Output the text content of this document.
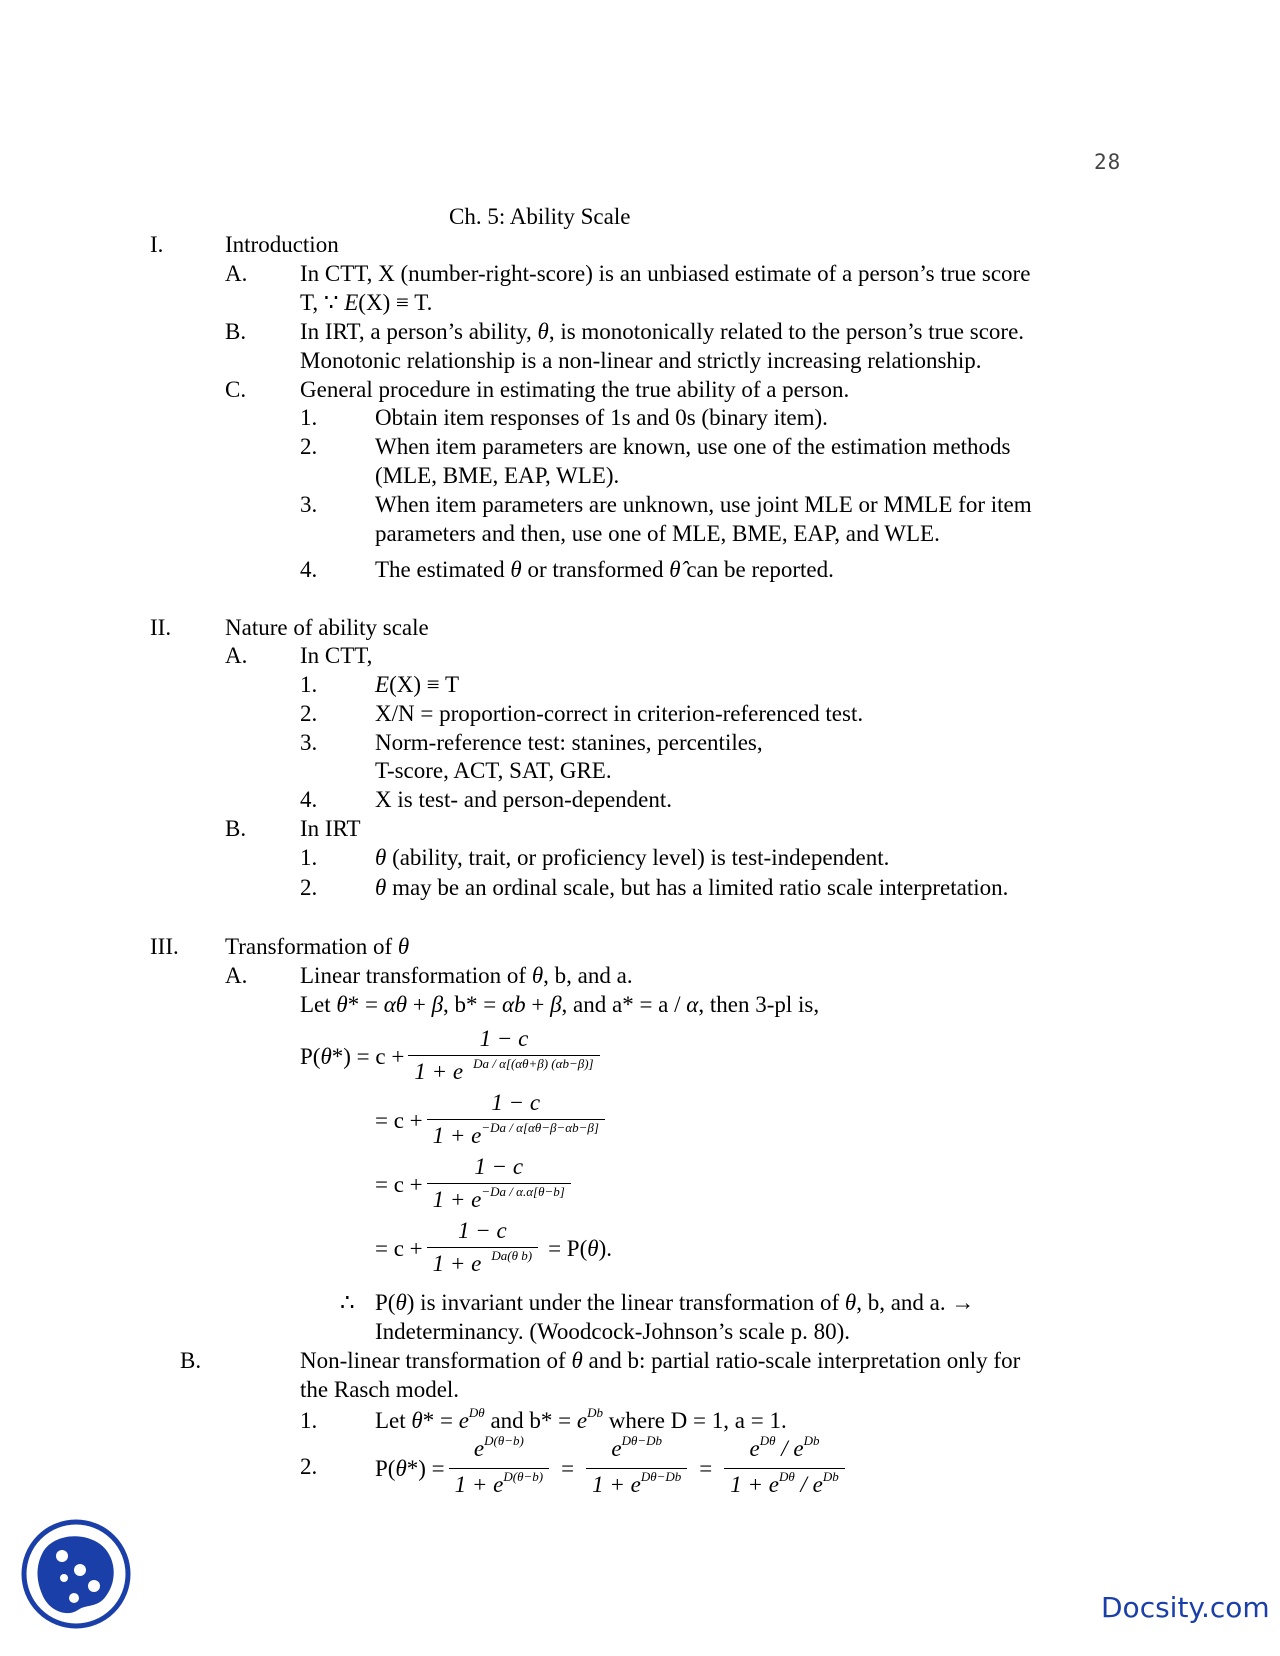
28
Ch. 5: Ability Scale
I.	Introduction
A. In CTT, X (number-right-score) is an unbiased estimate of a person’s true score
T, ∵ E(X) ≡ T.
B. In IRT, a person’s ability, θ, is monotonically related to the person’s true score.
Monotonic relationship is a non-linear and strictly increasing relationship.
C. General procedure in estimating the true ability of a person.
1.	Obtain item responses of 1s and 0s (binary item).
2.	When item parameters are known, use one of the estimation methods
(MLE, BME, EAP, WLE).
3.	When item parameters are unknown, use joint MLE or MMLE for item
parameters and then, use one of MLE, BME, EAP, and WLE.
4.	The estimated θ or transformed θ̂ can be reported.
II. Nature of ability scale
A. In CTT,
1.	E(X) ≡ T
2.	X/N = proportion-correct in criterion-referenced test.
3.	Norm-reference test: stanines, percentiles,
T-score, ACT, SAT, GRE.
4.	X is test- and person-dependent.
B. In IRT
1.	θ (ability, trait, or proficiency level) is test-independent.
2.	θ may be an ordinal scale, but has a limited ratio scale interpretation.
III. Transformation of θ
A. Linear transformation of θ, b, and a.
Let θ* = αθ + β, b* = αb + β, and a* = a / α, then 3-pl is,
P( θ *) = $c + \frac{1 - c}{1 + e ^{Da / \alpha[(\alpha\theta+\beta) (\alpha b-\beta)]}}$
= $c + \frac{1 - c}{1 + e^{-Da / \alpha[\alpha\theta-\beta-\alpha b-\beta]}}$
= $c + \frac{1 - c}{1 + e^{-Da / \alpha.\alpha[\theta-b]}}$
= $c + \frac{1 - c}{1 + e ^{Da(\theta b)}} = P$( θ ).
∴ P(θ) is invariant under the linear transformation of θ, b, and a. →
Indeterminancy. (Woodcock-Johnson’s scale p. 80).
B.	Non-linear transformation of θ and b: partial ratio-scale interpretation only for
the Rasch model.
1.	Let $\theta* = e^{D\theta}$ and $b* = e^{Db}$ where D = 1, a = 1.
2.	P( θ *) = $\frac{e^{D(\theta-b)}}{1 + e^{D(\theta-b)}} = \frac{e^{D\theta-Db}}{1 + e^{D\theta-Db}} = \frac{e^{D\theta} / e^{Db}}{1 + e^{D\theta} / e^{Db}}$
Docsity.com
